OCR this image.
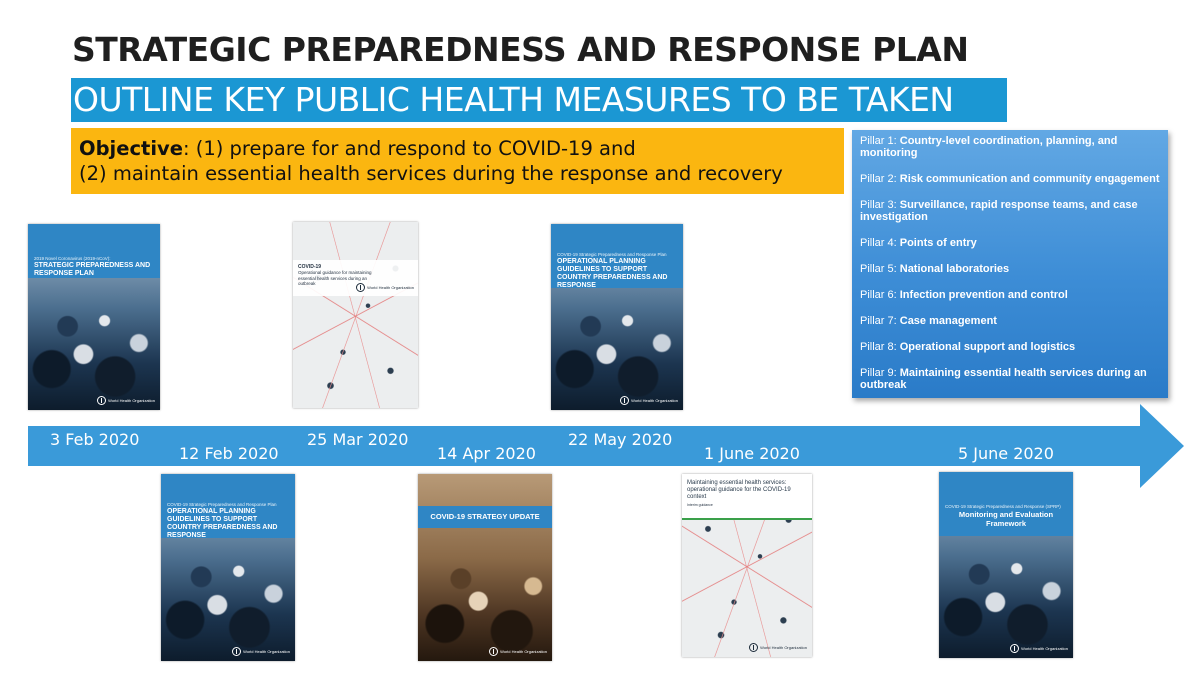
STRATEGIC PREPAREDNESS AND RESPONSE PLAN
OUTLINE KEY PUBLIC HEALTH MEASURES TO BE TAKEN
Objective: (1) prepare for and respond to COVID-19 and
(2) maintain essential health services during the response and recovery
Pillar 1: Country-level coordination, planning, and monitoring
Pillar 2: Risk communication and community engagement
Pillar 3: Surveillance, rapid response teams, and case investigation
Pillar 4: Points of entry
Pillar 5: National laboratories
Pillar 6: Infection prevention and control
Pillar 7: Case management
Pillar 8: Operational support and logistics
Pillar 9: Maintaining essential health services during an outbreak
3 Feb 2020	25 Mar 2020	22 May 2020
12 Feb 2020	14 Apr 2020	1 June 2020	5 June 2020
2019 Novel Coronavirus (2019-nCoV):
STRATEGIC PREPAREDNESS AND RESPONSE PLAN
World Health Organization
COVID-19
Operational guidance for maintaining essential health services during an outbreak
World Health Organization
COVID-19 Strategic Preparedness and Response Plan
OPERATIONAL PLANNING GUIDELINES TO SUPPORT COUNTRY PREPAREDNESS AND RESPONSE
World Health Organization
COVID-19 Strategic Preparedness and Response Plan
OPERATIONAL PLANNING GUIDELINES TO SUPPORT COUNTRY PREPAREDNESS AND RESPONSE
World Health Organization
COVID-19 STRATEGY UPDATE
World Health Organization
Maintaining essential health services: operational guidance for the COVID-19 context
Interim guidance
World Health Organization
COVID-19 Strategic Preparedness and Response (SPRP)
Monitoring and Evaluation Framework
World Health Organization
